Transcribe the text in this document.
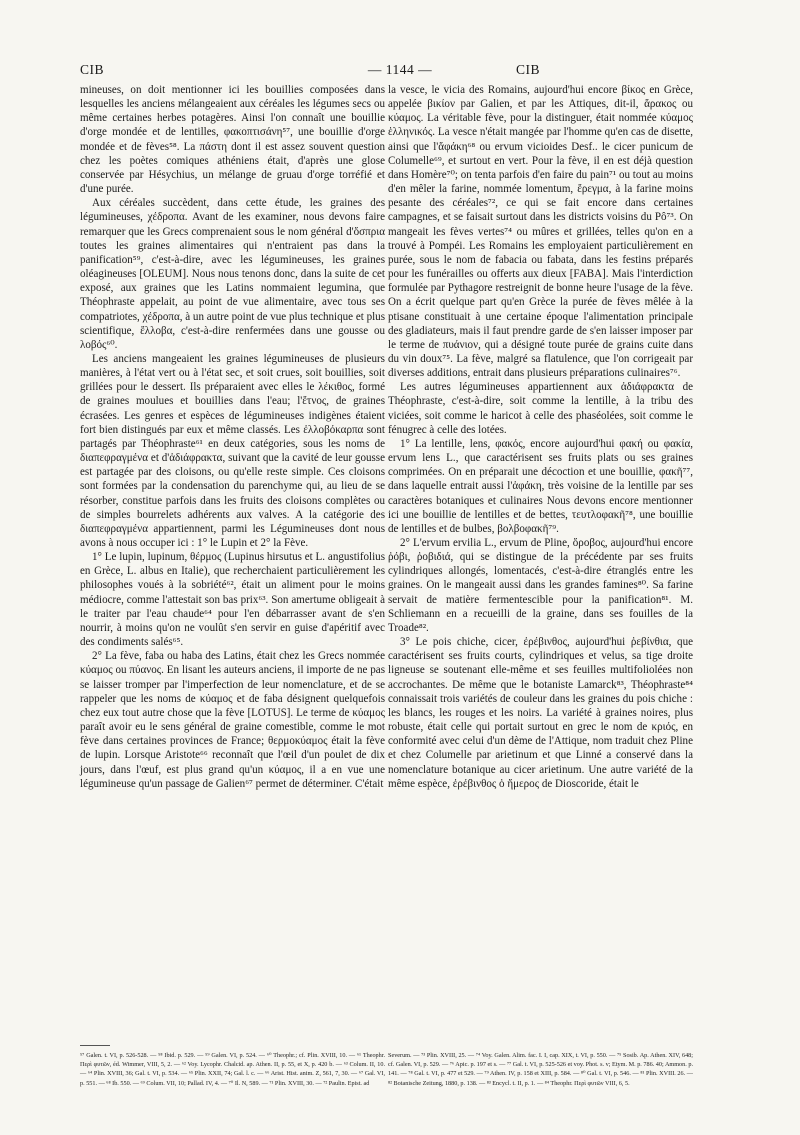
CIB	— 1144 —	CIB

mineuses, on doit mentionner ici les bouillies composées dans lesquelles les anciens mélangeaient aux céréales les légumes secs ou même certaines herbes potagères. Ainsi l'on connaît une bouillie d'orge mondée et de lentilles, φακοπτισάνη⁵⁷, une bouillie d'orge mondée et de fèves⁵⁸. La πάστη dont il est assez souvent question chez les poètes comiques athéniens était, d'après une glose conservée par Hésychius, un mélange de gruau d'orge torréfié et d'une purée.

Aux céréales succèdent, dans cette étude, les graines des légumineuses, χέδροπα. Avant de les examiner, nous devons faire remarquer que les Grecs comprenaient sous le nom général d'ὄσπρια toutes les graines alimentaires qui n'entraient pas dans la panification⁵⁹, c'est-à-dire, avec les légumineuses, les graines oléagineuses [OLEUM]. Nous nous tenons donc, dans la suite de cet exposé, aux graines que les Latins nommaient legumina, que Théophraste appelait, au point de vue alimentaire, avec tous ses compatriotes, χέδροπα, à un autre point de vue plus technique et plus scientifique, ἔλλοβα, c'est-à-dire renfermées dans une gousse ou λοβός⁶⁰.

Les anciens mangeaient les graines légumineuses de plusieurs manières, à l'état vert ou à l'état sec, et soit crues, soit bouillies, soit grillées pour le dessert. Ils préparaient avec elles le λέκιθος, formé de graines moulues et bouillies dans l'eau; l'ἔτνος, de graines écrasées. Les genres et espèces de légumineuses indigènes étaient fort bien distingués par eux et même classés. Les ἐλλοβόκαρπα sont partagés par Théophraste⁶¹ en deux catégories, sous les noms de διαπεφραγμένα et d'ἀδιάφρακτα, suivant que la cavité de leur gousse est partagée par des cloisons, ou qu'elle reste simple. Ces cloisons sont formées par la condensation du parenchyme qui, au lieu de se résorber, constitue parfois dans les fruits des cloisons complètes ou de simples bourrelets adhérents aux valves. A la catégorie des διαπεφραγμένα appartiennent, parmi les Légumineuses dont nous avons à nous occuper ici : 1° le Lupin et 2° la Fève.

1° Le lupin, lupinum, θέρμος (Lupinus hirsutus et L. angustifolius en Grèce, L. albus en Italie), que recherchaient particulièrement les philosophes voués à la sobriété⁶², était un aliment pour le moins médiocre, comme l'attestait son bas prix⁶³. Son amertume obligeait à le traiter par l'eau chaude⁶⁴ pour l'en débarrasser avant de s'en nourrir, à moins qu'on ne voulût s'en servir en guise d'apéritif avec des condiments salés⁶⁵.

2° La fève, faba ou haba des Latins, était chez les Grecs nommée κύαμος ou πύανος. En lisant les auteurs anciens, il importe de ne pas se laisser tromper par l'imperfection de leur nomenclature, et de se rappeler que les noms de κύαμος et de faba désignent quelquefois chez eux tout autre chose que la fève [LOTUS]. Le terme de κύαμος paraît avoir eu le sens général de graine comestible, comme le mot fève dans certaines provinces de France; θερμοκύαμος était la fève de lupin. Lorsque Aristote⁶⁶ reconnaît que l'œil d'un poulet de dix jours, dans l'œuf, est plus grand qu'un κύαμος, il a en vue une légumineuse qu'un passage de Galien⁶⁷ permet de déterminer. C'était

la vesce, le vicia des Romains, aujourd'hui encore βίκος en Grèce, appelée βικίον par Galien, et par les Attiques, dit-il, ἄρακος ou κύαμος. La véritable fève, pour la distinguer, était nommée κύαμος ἑλληνικός. La vesce n'était mangée par l'homme qu'en cas de disette, ainsi que l'ἄφάκη⁶⁸ ou ervum vicioides Desf.. le cicer punicum de Columelle⁶⁹, et surtout en vert. Pour la fève, il en est déjà question dans Homère⁷⁰; on tenta parfois d'en faire du pain⁷¹ ou tout au moins d'en mêler la farine, nommée lomentum, ἔρεγμα, à la farine moins pesante des céréales⁷², ce qui se fait encore dans certaines campagnes, et se faisait surtout dans les districts voisins du Pô⁷³. On mangeait les fèves vertes⁷⁴ ou mûres et grillées, telles qu'on en a trouvé à Pompéi. Les Romains les employaient particulièrement en purée, sous le nom de fabacia ou fabata, dans les festins préparés pour les funérailles ou offerts aux dieux [FABA]. Mais l'interdiction formulée par Pythagore restreignit de bonne heure l'usage de la fève. On a écrit quelque part qu'en Grèce la purée de fèves mêlée à la ptisane constituait à une certaine époque l'alimentation principale des gladiateurs, mais il faut prendre garde de s'en laisser imposer par le terme de πυάνιον, qui a désigné toute purée de grains cuite dans du vin doux⁷⁵. La fève, malgré sa flatulence, que l'on corrigeait par diverses additions, entrait dans plusieurs préparations culinaires⁷⁶.

Les autres légumineuses appartiennent aux ἀδιάφρακτα de Théophraste, c'est-à-dire, soit comme la lentille, à la tribu des viciées, soit comme le haricot à celle des phaséolées, soit comme le fénugrec à celle des lotées.

1° La lentille, lens, φακός, encore aujourd'hui φακή ou φακία, ervum lens L., que caractérisent ses fruits plats ou ses graines comprimées. On en préparait une décoction et une bouillie, φακῆ⁷⁷, dans laquelle entrait aussi l'ἀφάκη, très voisine de la lentille par ses caractères botaniques et culinaires Nous devons encore mentionner ici une bouillie de lentilles et de bettes, τευτλοφακῆ⁷⁸, une bouillie de lentilles et de bulbes, βολβοφακῆ⁷⁹.

2° L'ervum ervilia L., ervum de Pline, ὄροβος, aujourd'hui encore ῥόβι, ῥοβιδιά, qui se distingue de la précédente par ses fruits cylindriques allongés, lomentacés, c'est-à-dire étranglés entre les graines. On le mangeait aussi dans les grandes famines⁸⁰. Sa farine servait de matière fermentescible pour la panification⁸¹. M. Schliemann en a recueilli de la graine, dans ses fouilles de la Troade⁸².

3° Le pois chiche, cicer, ἐρέβινθος, aujourd'hui ῥεβίνθια, que caractérisent ses fruits courts, cylindriques et velus, sa tige droite ligneuse se soutenant elle-même et ses feuilles multifoliolées non accrochantes. De même que le botaniste Lamarck⁸³, Théophraste⁸⁴ connaissait trois variétés de couleur dans les graines du pois chiche : les blancs, les rouges et les noirs. La variété à graines noires, plus robuste, était celle qui portait surtout en grec le nom de κριός, en conformité avec celui d'un dème de l'Attique, nom traduit chez Pline et chez Columelle par arietinum et que Linné a conservé dans la nomenclature botanique au cicer arietinum. Une autre variété de la même espèce, ἐρέβινθος ὁ ἥμερος de Dioscoride, était le

⁵⁷ Galen. t. VI, p. 526-528. — ⁵⁸ Ibid. p. 529. — ⁵⁹ Galen. VI, p. 524. — ⁶⁰ Theophr.; cf. Plin. XVIII, 10. — ⁶¹ Theophr. Περὶ φυτῶν, éd. Wimmer, VIII, 5, 2. — ⁶² Voy. Lycophr. Chalcid. ap. Athen. II, p. 55, et X, p. 420 b. — ⁶³ Colum. II, 10. — ⁶⁴ Plin. XVIII, 36; Gal. t. VI, p. 534. — ⁶⁵ Plin. XXII, 74; Gal. l. c. — ⁶⁶ Arist. Hist. anim. Z, 561, 7, 30. — ⁶⁷ Gal. VI, p. 551. — ⁶⁸ Ib. 550. — ⁶⁹ Colum. VII, 10; Pallad. IV, 4. — ⁷⁰ Il. N, 589. — ⁷¹ Plin. XVIII, 30. — ⁷² Paulin. Epist. ad
Severum. — ⁷³ Plin. XVIII, 25. — ⁷⁴ Voy. Galen. Alim. fac. I. I, cap. XIX, t. VI, p. 550. — ⁷⁵ Sosib. Ap. Athen. XIV, 648; cf. Galen. VI, p. 529. — ⁷⁶ Apic. p. 197 et s. — ⁷⁷ Gal. t. VI, p. 525-526 et voy. Phot. s. v; Etym. M. p. 786. 40; Ammon. p. 141. — ⁷⁸ Gal. t. VI, p. 477 et 529. — ⁷⁹ Athen. IV, p. 158 et XIII, p. 584. — ⁸⁰ Gal. t. VI, p. 546. — ⁸¹ Plin. XVIII. 26. — ⁸² Botanische Zeitung, 1880, p. 138. — ⁸³ Encycl. t. II, p. 1. — ⁸⁴ Theophr. Περὶ φυτῶν VIII, 6, 5.
